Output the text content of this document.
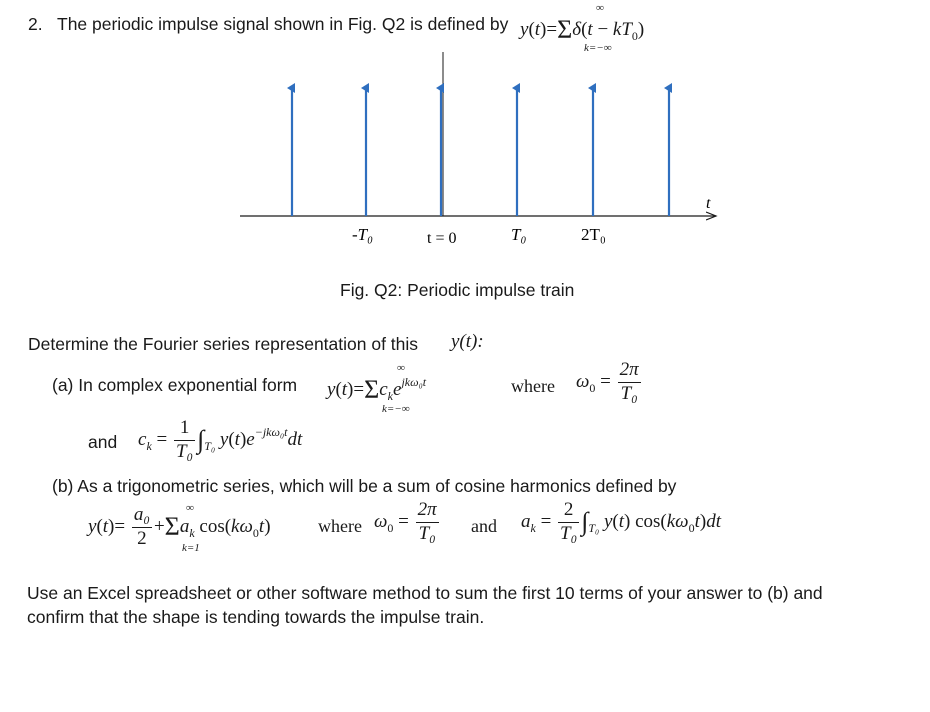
2. The periodic impulse signal shown in Fig. Q2 is defined by $y(t)=\Sigma\delta(t - kT_0)$
∞
k=−∞
t
-T₀	t = 0	T₀	2T₀
Fig. Q2: Periodic impulse train
Determine the Fourier series representation of this y(t):
(a) In complex exponential form $y(t)=\Sigma c_ke^{jk\omega_0t}$
∞
k=−∞
where $\omega_0 = \frac{2\pi}{\text{T₀}}$
and $c_k = \frac{1}{\text{T₀}} \int_{T_0}$ $y(t)e^{-jk\omega_0t}dt$
(b) As a trigonometric series, which will be a sum of cosine harmonics defined by
$y(t)= \frac{\text{a₀}}{2} +\Sigma a_k$ $\cos(k\omega_0t)$
∞
k=1
where $\omega_0 = \frac{2\pi}{\text{T₀}}$ and $a_k = \frac{2}{\text{T₀}} \int_{T_0}$ y(t) $\cos(k\omega_0t)dt$
Use an Excel spreadsheet or other software method to sum the first 10 terms of your answer to (b) and
confirm that the shape is tending towards the impulse train.
